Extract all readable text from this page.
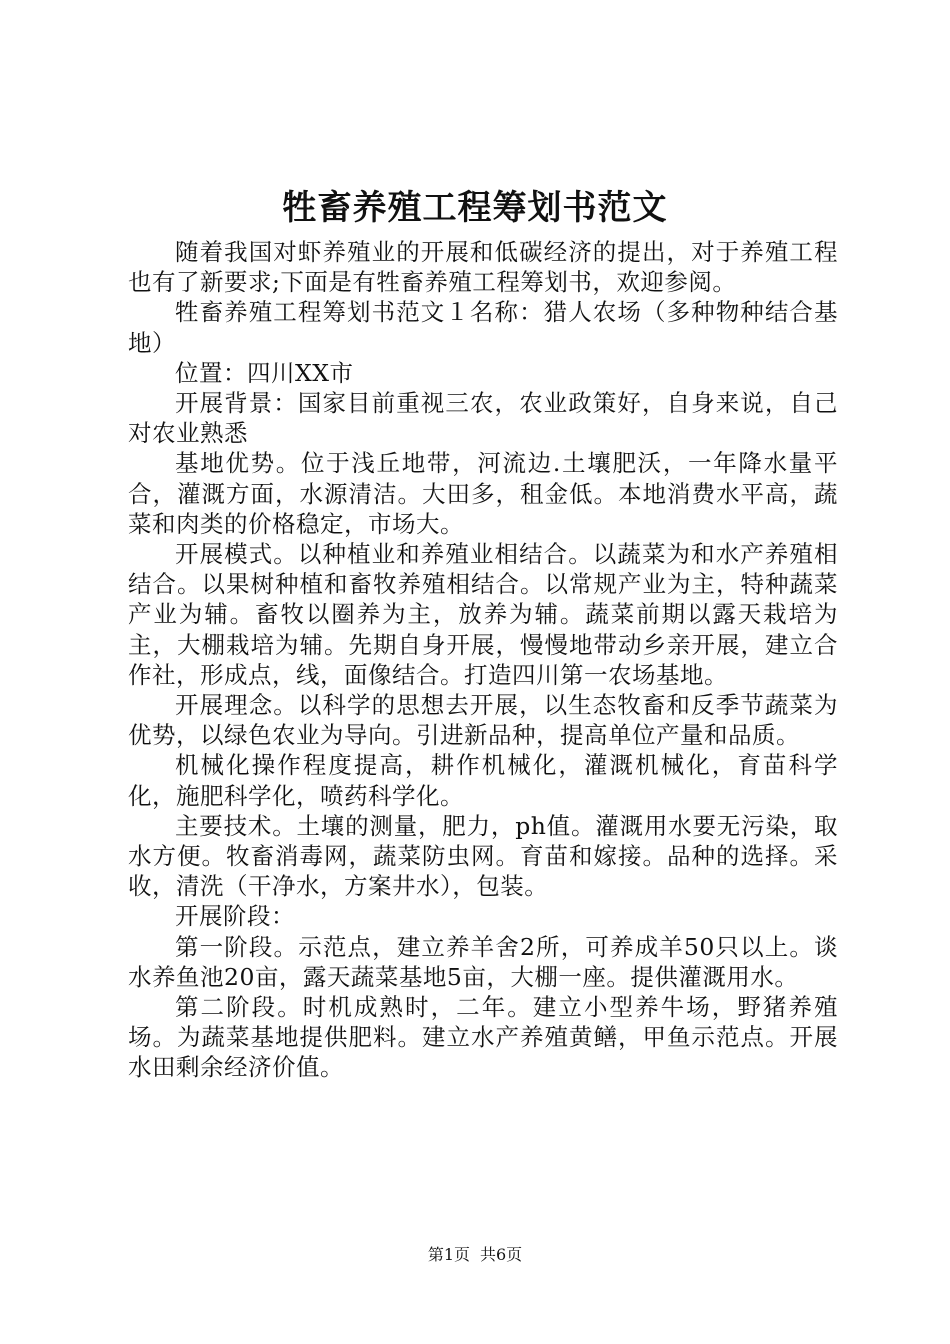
牲畜养殖工程筹划书范文

随着我国对虾养殖业的开展和低碳经济的提出，对于养殖工程也有了新要求;下面是有牲畜养殖工程筹划书，欢迎参阅。

牲畜养殖工程筹划书范文１名称：猎人农场（多种物种结合基地）

位置：四川XX市

开展背景：国家目前重视三农，农业政策好，自身来说，自己对农业熟悉

基地优势。位于浅丘地带，河流边.土壤肥沃，一年降水量平合，灌溉方面，水源清洁。大田多，租金低。本地消费水平高，蔬菜和肉类的价格稳定，市场大。

开展模式。以种植业和养殖业相结合。以蔬菜为和水产养殖相结合。以果树种植和畜牧养殖相结合。以常规产业为主，特种蔬菜产业为辅。畜牧以圈养为主，放养为辅。蔬菜前期以露天栽培为主，大棚栽培为辅。先期自身开展，慢慢地带动乡亲开展，建立合作社，形成点，线，面像结合。打造四川第一农场基地。

开展理念。以科学的思想去开展，以生态牧畜和反季节蔬菜为优势，以绿色农业为导向。引进新品种，提高单位产量和品质。

机械化操作程度提高，耕作机械化，灌溉机械化，育苗科学化，施肥科学化，喷药科学化。

主要技术。土壤的测量，肥力，ph值。灌溉用水要无污染，取水方便。牧畜消毒网，蔬菜防虫网。育苗和嫁接。品种的选择。采收，清洗（干净水，方案井水），包装。

开展阶段：

第一阶段。示范点，建立养羊舍2所，可养成羊50只以上。谈水养鱼池20亩，露天蔬菜基地5亩，大棚一座。提供灌溉用水。

第二阶段。时机成熟时，二年。建立小型养牛场，野猪养殖场。为蔬菜基地提供肥料。建立水产养殖黄鳝，甲鱼示范点。开展水田剩余经济价值。

第1页 共6页
